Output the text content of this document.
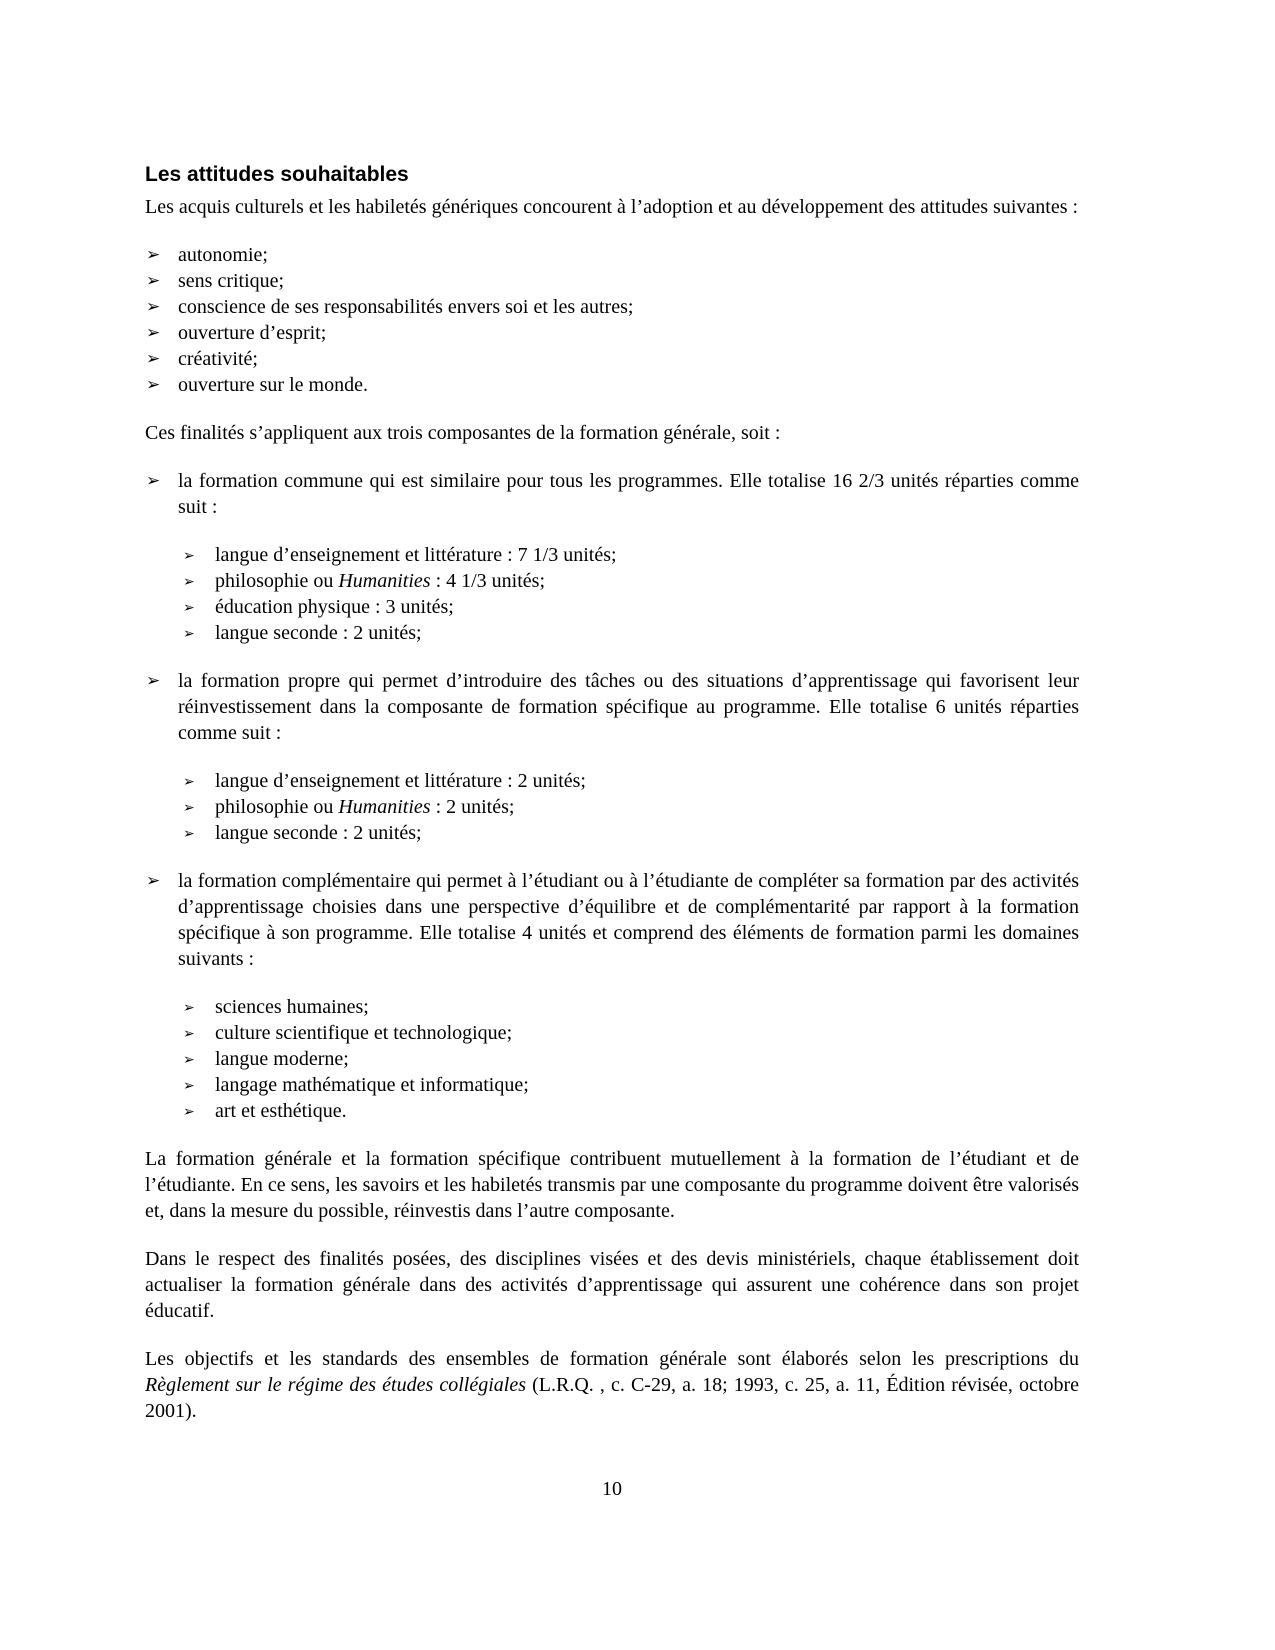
Les attitudes souhaitables

Les acquis culturels et les habiletés génériques concourent à l’adoption et au développement des attitudes suivantes :

➢ autonomie;
➢ sens critique;
➢ conscience de ses responsabilités envers soi et les autres;
➢ ouverture d’esprit;
➢ créativité;
➢ ouverture sur le monde.

Ces finalités s’appliquent aux trois composantes de la formation générale, soit :

➢ la formation commune qui est similaire pour tous les programmes. Elle totalise 16 2/3 unités réparties comme suit :
➢ langue d’enseignement et littérature : 7 1/3 unités;
➢ philosophie ou Humanities : 4 1/3 unités;
➢ éducation physique : 3 unités;
➢ langue seconde : 2 unités;
➢ la formation propre qui permet d’introduire des tâches ou des situations d’apprentissage qui favorisent leur réinvestissement dans la composante de formation spécifique au programme. Elle totalise 6 unités réparties comme suit :
➢ langue d’enseignement et littérature : 2 unités;
➢ philosophie ou Humanities : 2 unités;
➢ langue seconde : 2 unités;
➢ la formation complémentaire qui permet à l’étudiant ou à l’étudiante de compléter sa formation par des activités d’apprentissage choisies dans une perspective d’équilibre et de complémentarité par rapport à la formation spécifique à son programme. Elle totalise 4 unités et comprend des éléments de formation parmi les domaines suivants :
➢ sciences humaines;
➢ culture scientifique et technologique;
➢ langue moderne;
➢ langage mathématique et informatique;
➢ art et esthétique.

La formation générale et la formation spécifique contribuent mutuellement à la formation de l’étudiant et de l’étudiante. En ce sens, les savoirs et les habiletés transmis par une composante du programme doivent être valorisés et, dans la mesure du possible, réinvestis dans l’autre composante.

Dans le respect des finalités posées, des disciplines visées et des devis ministériels, chaque établissement doit actualiser la formation générale dans des activités d’apprentissage qui assurent une cohérence dans son projet éducatif.

Les objectifs et les standards des ensembles de formation générale sont élaborés selon les prescriptions du Règlement sur le régime des études collégiales (L.R.Q. , c. C-29, a. 18; 1993, c. 25, a. 11, Édition révisée, octobre 2001).

10
